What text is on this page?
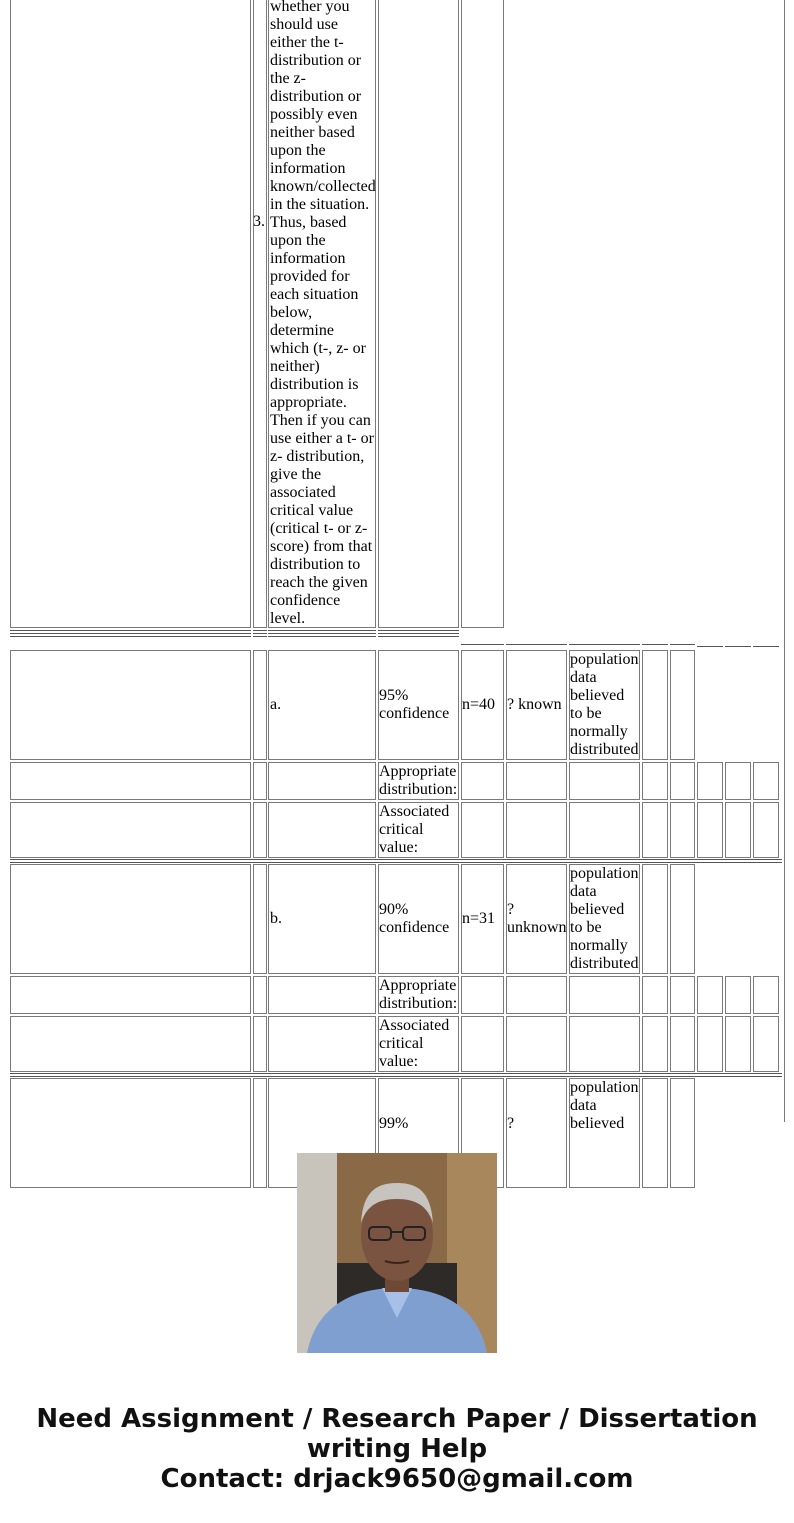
3.
whether you
should use
either the t-
distribution or
the z-
distribution or
possibly even
neither based
upon the
information
known/collected
in the situation.
Thus, based
upon the
information
provided for
each situation
below,
determine
which (t-, z- or
neither)
distribution is
appropriate.
Then if you can
use either a t- or
z- distribution,
give the
associated
critical value
(critical t- or z-
score) from that
distribution to
reach the given
confidence
level.
a.
95%
confidence
n=40 ? known
population
data
believed
to be
normally
distributed
Appropriate
distribution:
Associated
critical
value:
b.
90%
confidence
n=31
?
unknown
population
data
believed
to be
normally
distributed
Appropriate
distribution:
Associated
critical
value:
99%	?
population
data
believed
Need Assignment / Research Paper / Dissertation
writing Help
Contact: drjack9650@gmail.com
